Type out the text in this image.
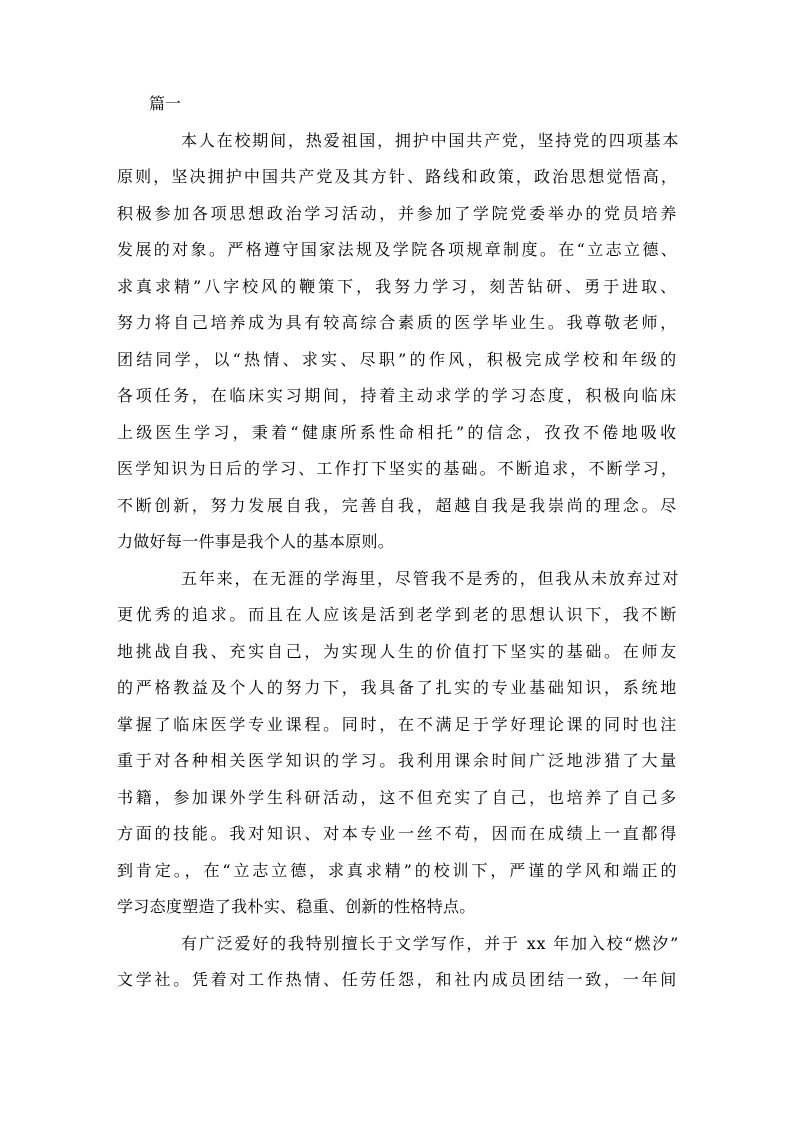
篇一
本人在校期间，热爱祖国，拥护中国共产党，坚持党的四项基本
原则，坚决拥护中国共产党及其方针、路线和政策，政治思想觉悟高，
积极参加各项思想政治学习活动，并参加了学院党委举办的党员培养
发展的对象。严格遵守国家法规及学院各项规章制度。在“立志立德、
求真求精”八字校风的鞭策下，我努力学习，刻苦钻研、勇于进取、
努力将自己培养成为具有较高综合素质的医学毕业生。我尊敬老师，
团结同学，以“热情、求实、尽职”的作风，积极完成学校和年级的
各项任务，在临床实习期间，持着主动求学的学习态度，积极向临床
上级医生学习，秉着“健康所系性命相托”的信念，孜孜不倦地吸收
医学知识为日后的学习、工作打下坚实的基础。不断追求，不断学习，
不断创新，努力发展自我，完善自我，超越自我是我崇尚的理念。尽
力做好每一件事是我个人的基本原则。
五年来，在无涯的学海里，尽管我不是秀的，但我从未放弃过对
更优秀的追求。而且在人应该是活到老学到老的思想认识下，我不断
地挑战自我、充实自己，为实现人生的价值打下坚实的基础。在师友
的严格教益及个人的努力下，我具备了扎实的专业基础知识，系统地
掌握了临床医学专业课程。同时，在不满足于学好理论课的同时也注
重于对各种相关医学知识的学习。我利用课余时间广泛地涉猎了大量
书籍，参加课外学生科研活动，这不但充实了自己，也培养了自己多
方面的技能。我对知识、对本专业一丝不苟，因而在成绩上一直都得
到肯定。，在“立志立德，求真求精”的校训下，严谨的学风和端正的
学习态度塑造了我朴实、稳重、创新的性格特点。
有广泛爱好的我特别擅长于文学写作，并于 xx 年加入校“燃汐”
文学社。凭着对工作热情、任劳任怨，和社内成员团结一致，一年间
